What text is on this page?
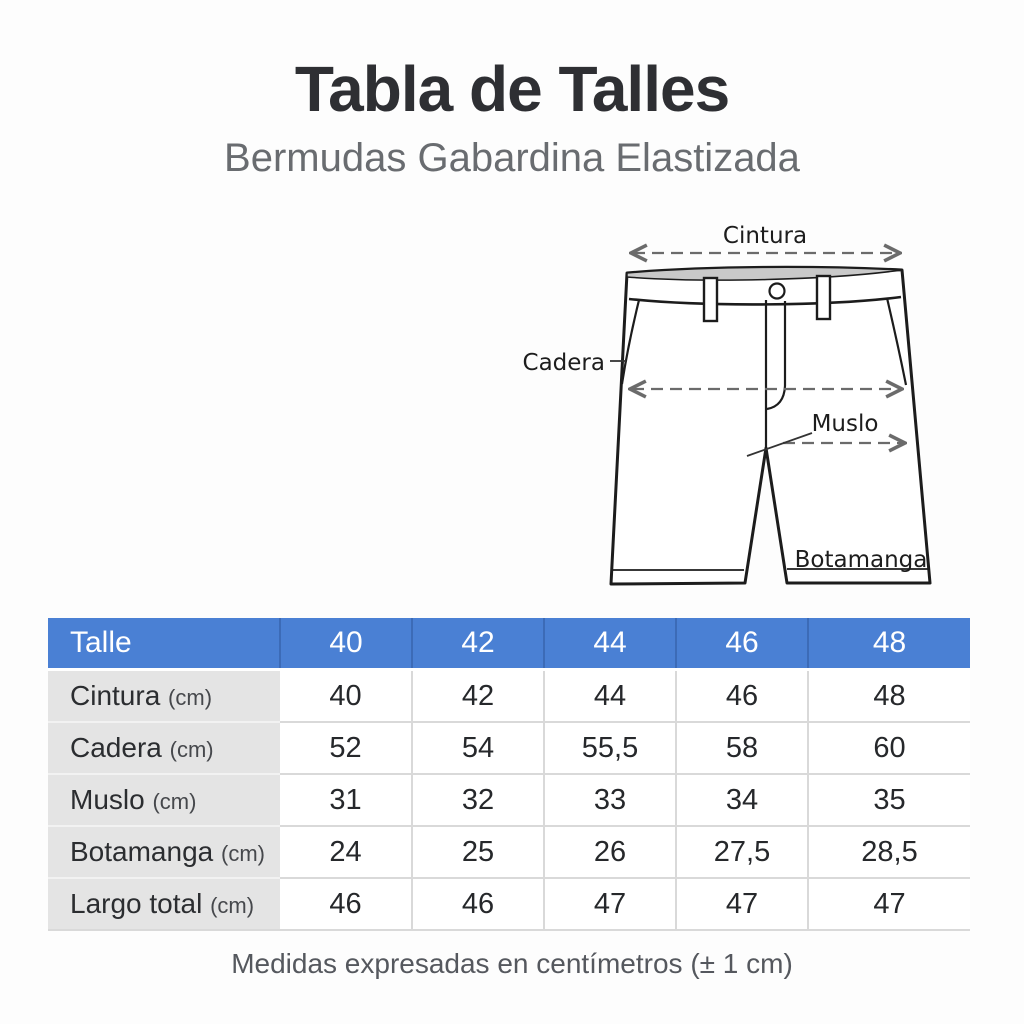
Tabla de Talles
Bermudas Gabardina Elastizada
Cintura
Cadera
Muslo
Botamanga
Talle	40	42	44	46	48
Cintura (cm)	40	42	44	46	48
Cadera (cm)	52	54	55,5	58	60
Muslo (cm)	31	32	33	34	35
Botamanga (cm)	24	25	26	27,5	28,5
Largo total (cm)	46	46	47	47	47
Medidas expresadas en centímetros (± 1 cm)
